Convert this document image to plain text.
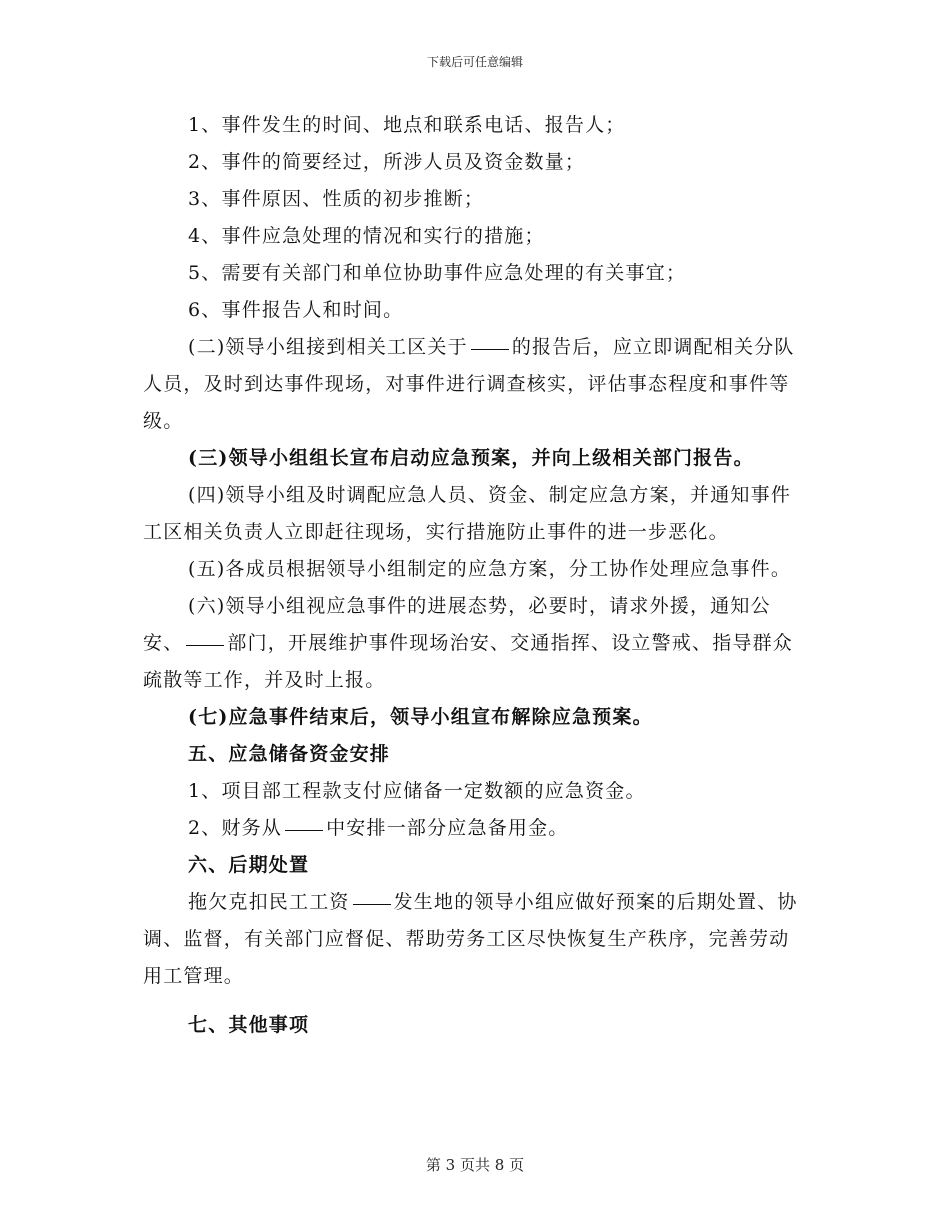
下载后可任意编辑

1、事件发生的时间、地点和联系电话、报告人；

2、事件的简要经过，所涉人员及资金数量；

3、事件原因、性质的初步推断；

4、事件应急处理的情况和实行的措施；

5、需要有关部门和单位协助事件应急处理的有关事宜；

6、事件报告人和时间。

(二)领导小组接到相关工区关于 的报告后，应立即调配相关分队人员，及时到达事件现场，对事件进行调查核实，评估事态程度和事件等级。

(三)领导小组组长宣布启动应急预案，并向上级相关部门报告。

(四)领导小组及时调配应急人员、资金、制定应急方案，并通知事件工区相关负责人立即赶往现场，实行措施防止事件的进一步恶化。

(五)各成员根据领导小组制定的应急方案，分工协作处理应急事件。

(六)领导小组视应急事件的进展态势，必要时，请求外援，通知公安、 部门，开展维护事件现场治安、交通指挥、设立警戒、指导群众疏散等工作，并及时上报。

(七)应急事件结束后，领导小组宣布解除应急预案。

五、应急储备资金安排

1、项目部工程款支付应储备一定数额的应急资金。

2、财务从 中安排一部分应急备用金。

六、后期处置

拖欠克扣民工工资 发生地的领导小组应做好预案的后期处置、协调、监督，有关部门应督促、帮助劳务工区尽快恢复生产秩序，完善劳动用工管理。

七、其他事项

第 3 页共 8 页
